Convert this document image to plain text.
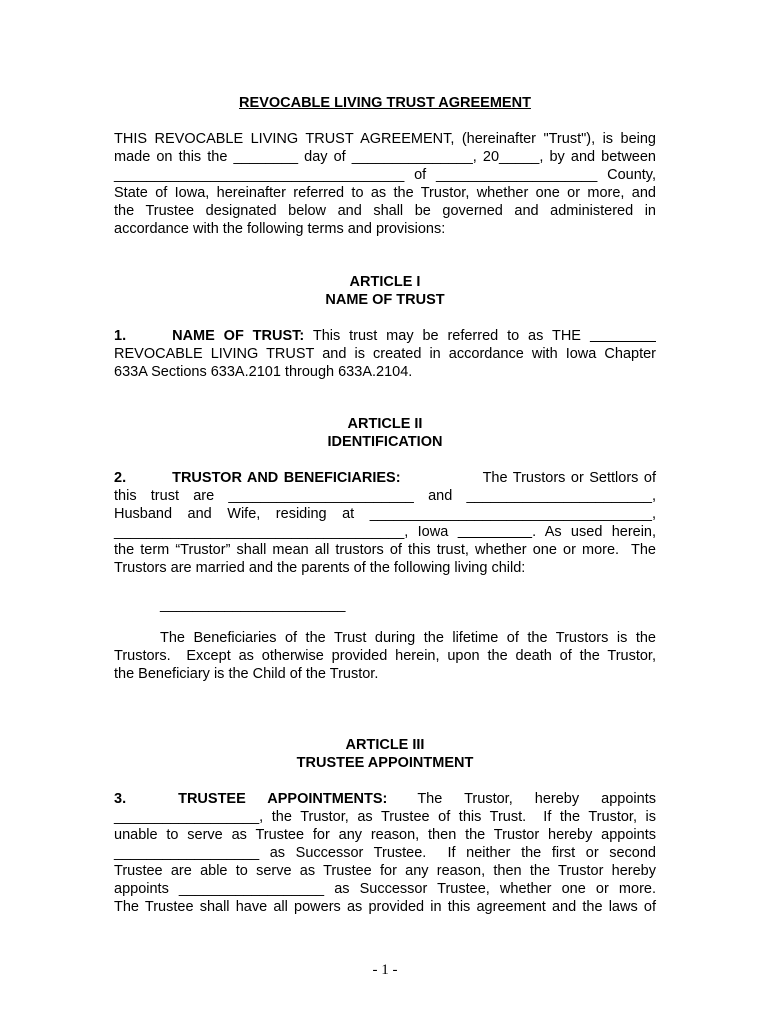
REVOCABLE LIVING TRUST AGREEMENT
THIS REVOCABLE LIVING TRUST AGREEMENT, (hereinafter "Trust"), is being
made on this the ________ day of _______________, 20_____, by and between
____________________________________ of ____________________ County,
State of Iowa, hereinafter referred to as the Trustor, whether one or more, and
the Trustee designated below and shall be governed and administered in
accordance with the following terms and provisions:
ARTICLE I
NAME OF TRUST
1.	NAME OF TRUST: This trust may be referred to as THE
REVOCABLE LIVING TRUST and is created in accordance with Iowa Chapter
633A Sections 633A.2101 through 633A.2104.
ARTICLE II
IDENTIFICATION
2.	TRUSTOR AND BENEFICIARIES:	The Trustors or Settlors of
this trust are _______________________ and _______________________,
Husband and Wife, residing at ___________________________________,
____________________________________, Iowa	. As used herein,
the term “Trustor” shall mean all trustors of this trust, whether one or more.  The
Trustors are married and the parents of the following living child:
_______________________
The Beneficiaries of the Trust during the lifetime of the Trustors is the
Trustors.  Except as otherwise provided herein, upon the death of the Trustor,
the Beneficiary is the Child of the Trustor.
ARTICLE III
TRUSTEE APPOINTMENT
3.	TRUSTEE APPOINTMENTS: The Trustor, hereby appoints
__________________, the Trustor, as Trustee of this Trust.  If the Trustor, is
unable to serve as Trustee for any reason, then the Trustor hereby appoints
__________________ as Successor Trustee.  If neither the first or second
Trustee are able to serve as Trustee for any reason, then the Trustor hereby
appoints __________________ as Successor Trustee, whether one or more.
The Trustee shall have all powers as provided in this agreement and the laws of
- 1 -
